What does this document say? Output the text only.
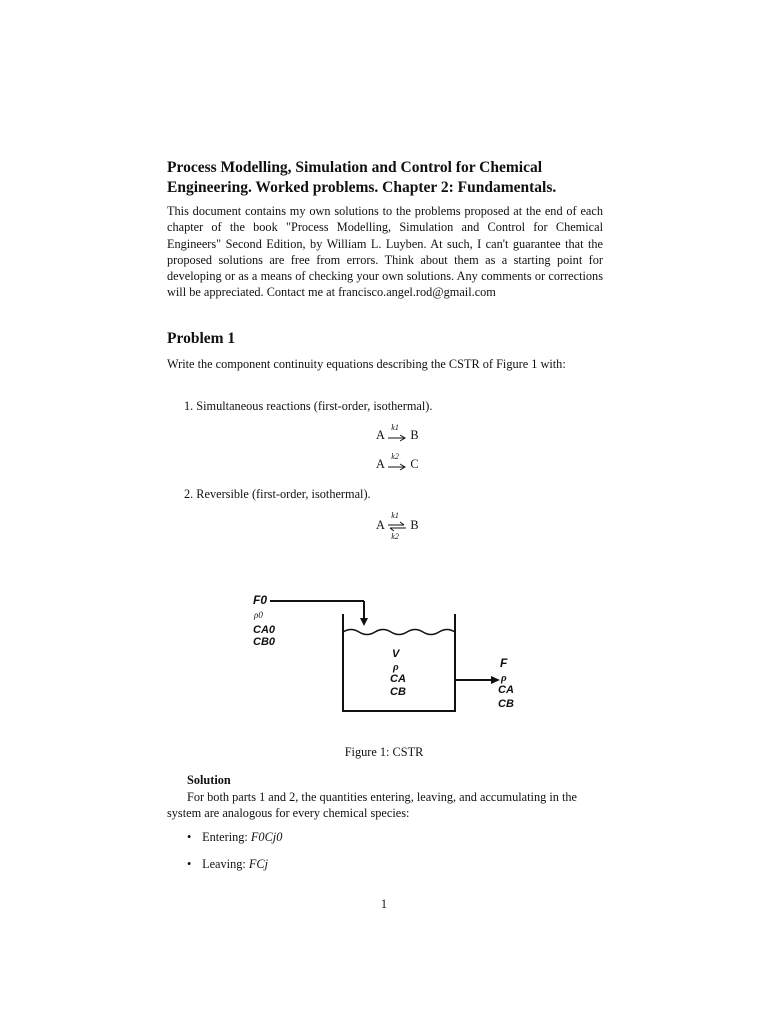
Process Modelling, Simulation and Control for Chemical Engineering. Worked problems. Chapter 2: Fundamentals.
This document contains my own solutions to the problems proposed at the end of each chapter of the book "Process Modelling, Simulation and Control for Chemical Engineers" Second Edition, by William L. Luyben. At such, I can't guarantee that the proposed solutions are free from errors. Think about them as a starting point for developing or as a means of checking your own solutions. Any comments or corrections will be appreciated. Contact me at francisco.angel.rod@gmail.com
Problem 1
Write the component continuity equations describing the CSTR of Figure 1 with:
1. Simultaneous reactions (first-order, isothermal).
A
k1
B
A
k2
C
2. Reversible (first-order, isothermal).
A
k1
k2
B
F0
ρ0
CA0
CB0
V
ρ
CA
CB
F
ρ
CA
CB
Figure 1: CSTR
Solution
For both parts 1 and 2, the quantities entering, leaving, and accumulating in the system are analogous for every chemical species:
• Entering: F0Cj0
• Leaving: FCj
1
